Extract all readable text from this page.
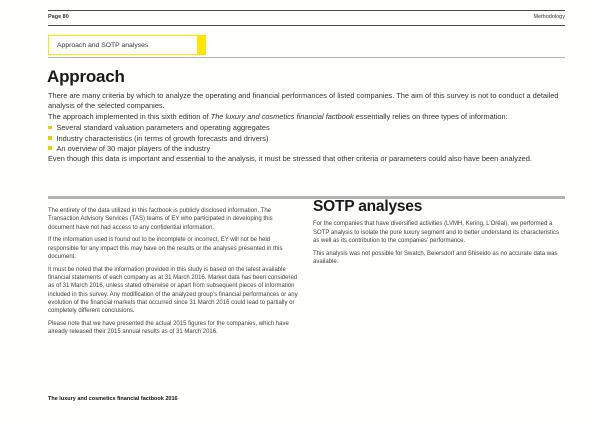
Page 80	Methodology
Approach and SOTP analyses
Approach

There are many criteria by which to analyze the operating and financial performances of listed companies. The aim of this survey is not to conduct a detailed analysis of the selected companies.

The approach implemented in this sixth edition of The luxury and cosmetics financial factbook essentially relies on three types of information:

Several standard valuation parameters and operating aggregates
Industry characteristics (in terms of growth forecasts and drivers)
An overview of 30 major players of the industry

Even though this data is important and essential to the analysis, it must be stressed that other criteria or parameters could also have been analyzed.

The entirety of the data utilized in this factbook is publicly disclosed information. The Transaction Advisory Services (TAS) teams of EY who participated in developing this document have not had access to any confidential information.

If the information used is found out to be incomplete or incorrect, EY will not be held responsible for any impact this may have on the results or the analyses presented in this document.

It must be noted that the information provided in this study is based on the latest available financial statements of each company as at 31 March 2016. Market data has been considered as of 31 March 2016, unless stated otherwise or apart from subsequent pieces of information included in this survey. Any modification of the analyzed group’s financial performances or any evolution of the financial markets that occurred since 31 March 2016 could lead to partially or completely different conclusions.

Please note that we have presented the actual 2015 figures for the companies, which have already released their 2015 annual results as of 31 March 2016.

SOTP analyses

For the companies that have diversified activities (LVMH, Kering, L’Oréal), we performed a SOTP analysis to isolate the pure luxury segment and to better understand its characteristics as well as its contribution to the companies’ performance.

This analysis was not possible for Swatch, Beiersdorf and Shiseido as no accurate data was available.

The luxury and cosmetics financial factbook 2016
